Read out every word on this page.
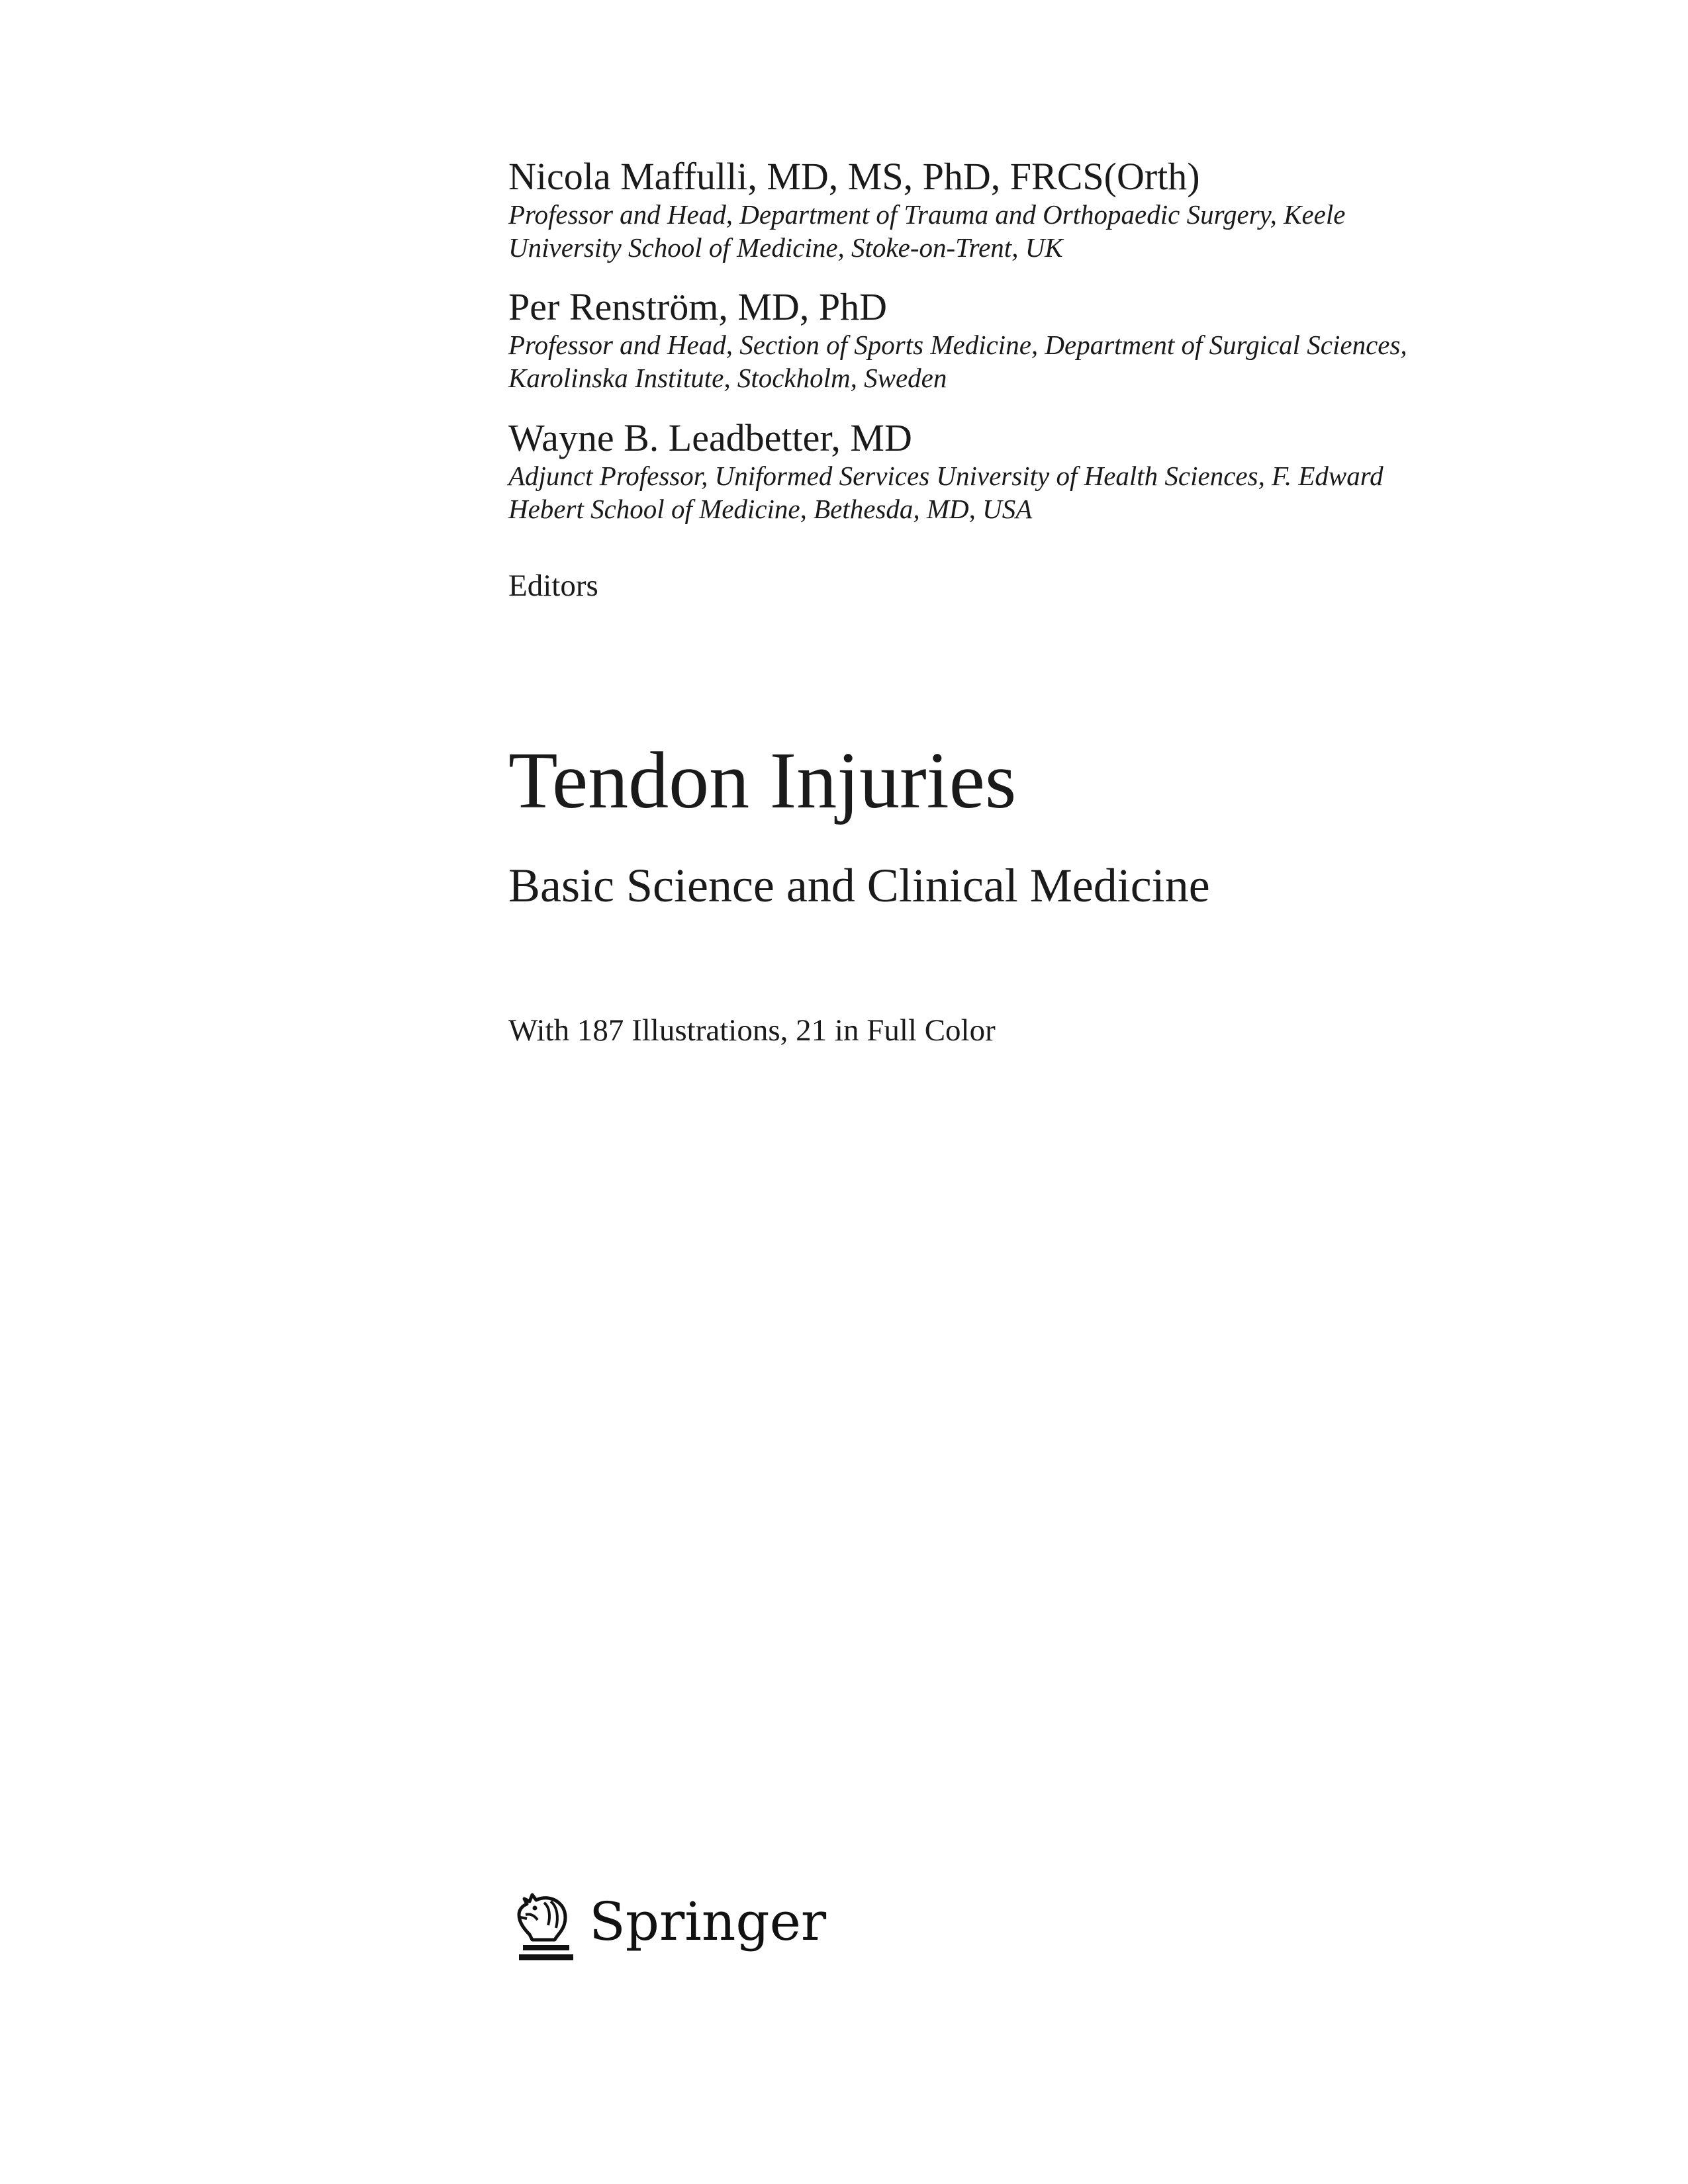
Nicola Maffulli, MD, MS, PhD, FRCS(Orth)
Professor and Head, Department of Trauma and Orthopaedic Surgery, Keele
University School of Medicine, Stoke-on-Trent, UK
Per Renström, MD, PhD
Professor and Head, Section of Sports Medicine, Department of Surgical Sciences,
Karolinska Institute, Stockholm, Sweden
Wayne B. Leadbetter, MD
Adjunct Professor, Uniformed Services University of Health Sciences, F. Edward
Hebert School of Medicine, Bethesda, MD, USA
Editors
Tendon Injuries
Basic Science and Clinical Medicine
With 187 Illustrations, 21 in Full Color
Springer
